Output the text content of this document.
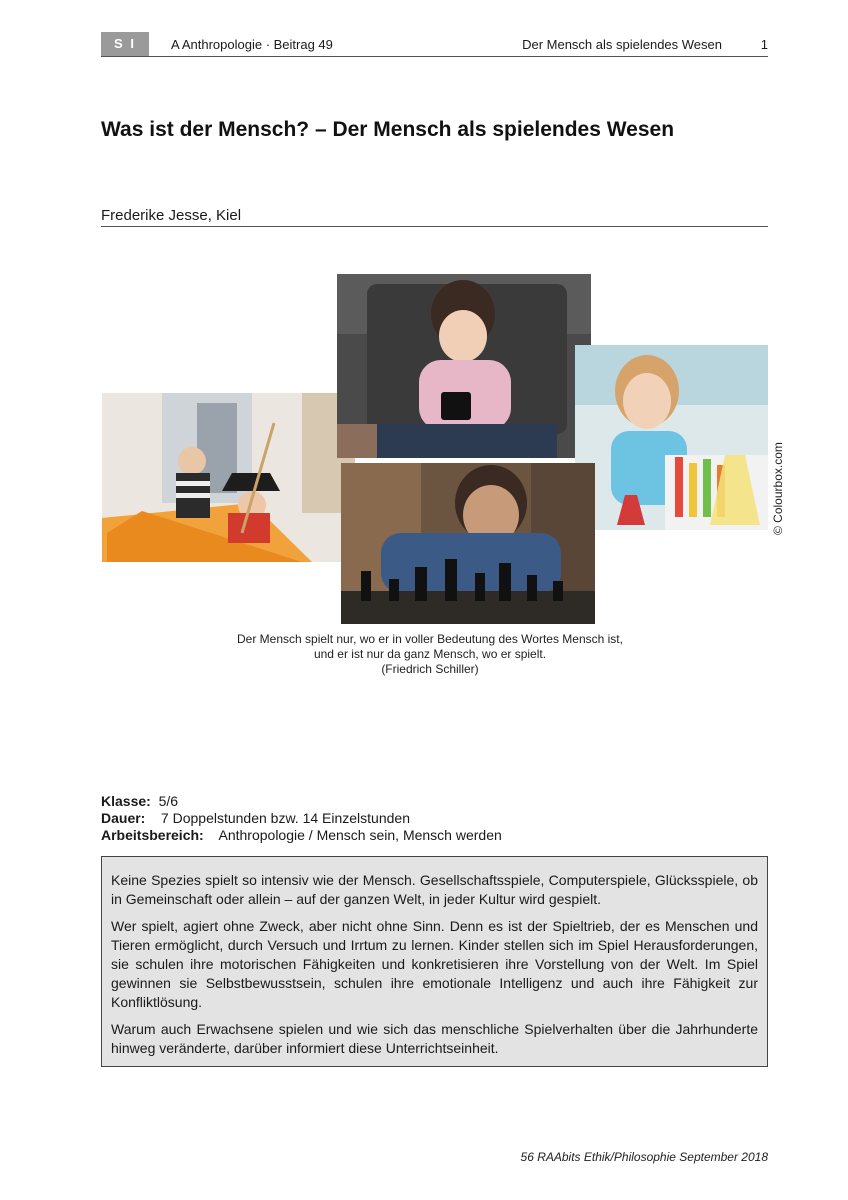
S I	A Anthropologie · Beitrag 49	Der Mensch als spielendes Wesen	1
Was ist der Mensch? – Der Mensch als spielendes Wesen
Frederike Jesse, Kiel
© Colourbox.com
Der Mensch spielt nur, wo er in voller Bedeutung des Wortes Mensch ist,
und er ist nur da ganz Mensch, wo er spielt.
(Friedrich Schiller)
Klasse: 5/6
Dauer: 7 Doppelstunden bzw. 14 Einzelstunden
Arbeitsbereich: Anthropologie / Mensch sein, Mensch werden

Keine Spezies spielt so intensiv wie der Mensch. Gesellschaftsspiele, Computerspiele, Glücksspiele, ob in Gemeinschaft oder allein – auf der ganzen Welt, in jeder Kultur wird gespielt.

Wer spielt, agiert ohne Zweck, aber nicht ohne Sinn. Denn es ist der Spieltrieb, der es Menschen und Tieren ermöglicht, durch Versuch und Irrtum zu lernen. Kinder stellen sich im Spiel Herausforderungen, sie schulen ihre motorischen Fähigkeiten und konkretisieren ihre Vorstellung von der Welt. Im Spiel gewinnen sie Selbstbewusstsein, schulen ihre emotionale Intelligenz und auch ihre Fähigkeit zur Konfliktlösung.

Warum auch Erwachsene spielen und wie sich das menschliche Spielverhalten über die Jahrhunderte hinweg veränderte, darüber informiert diese Unterrichtseinheit.

56 RAAbits Ethik/Philosophie September 2018
